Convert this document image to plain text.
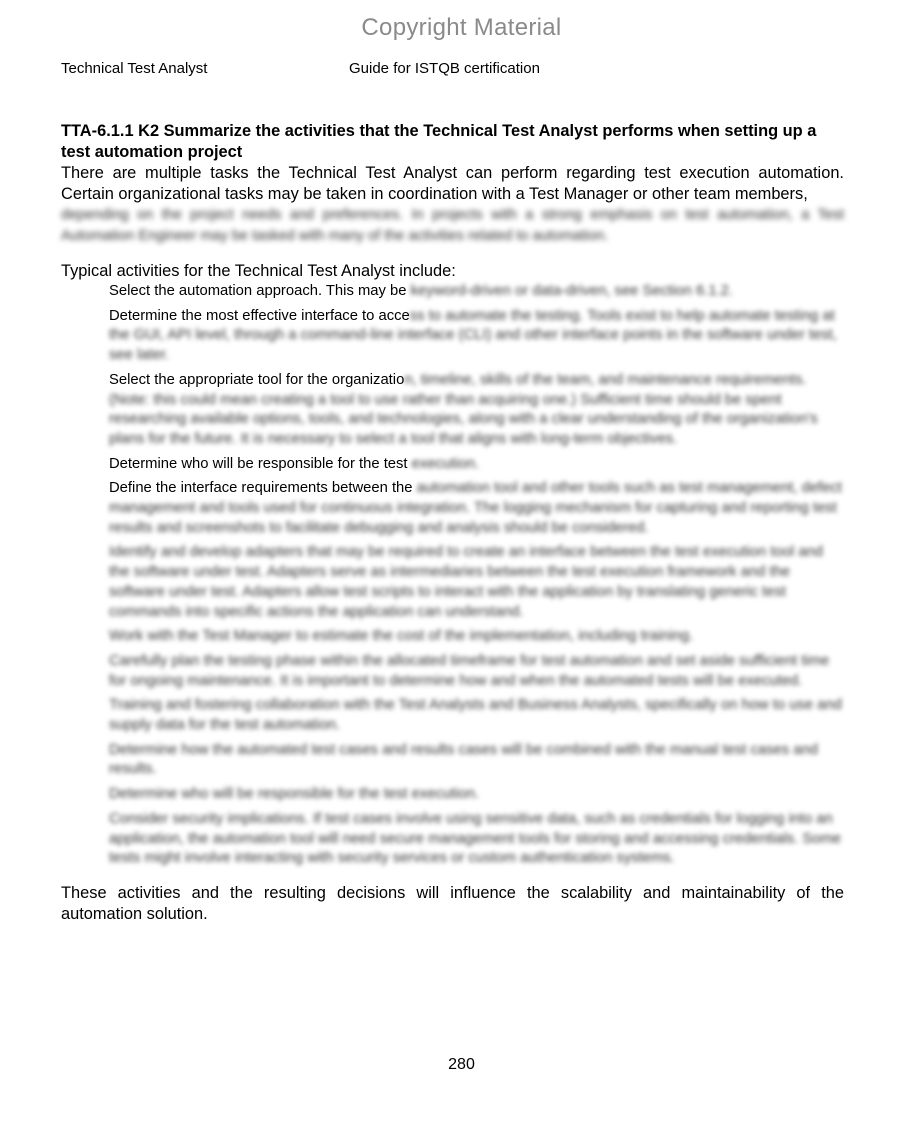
Copyright Material
Technical Test Analyst	Guide for ISTQB certification

TTA-6.1.1 K2 Summarize the activities that the Technical Test Analyst performs when setting up a test automation project

There are multiple tasks the Technical Test Analyst can perform regarding test execution automation. Certain organizational tasks may be taken in coordination with a Test Manager or other team members,

depending on the project needs and preferences. In projects with a strong emphasis on test automation, a Test Automation Engineer may be tasked with many of the activities related to automation.

Typical activities for the Technical Test Analyst include:

Select the automation approach. This may be keyword-driven or data-driven, see Section 6.1.2.
Determine the most effective interface to access to automate the testing. Tools exist to help automate testing at the GUI, API level, through a command-line interface (CLI) and other interface points in the software under test, see later.
Select the appropriate tool for the organization, timeline, skills of the team, and maintenance requirements. (Note: this could mean creating a tool to use rather than acquiring one.) Sufficient time should be spent researching available options, tools, and technologies, along with a clear understanding of the organization's plans for the future. It is necessary to select a tool that aligns with long-term objectives.
Determine who will be responsible for the test execution.
Define the interface requirements between the automation tool and other tools such as test management, defect management and tools used for continuous integration. The logging mechanism for capturing and reporting test results and screenshots to facilitate debugging and analysis should be considered.
Identify and develop adapters that may be required to create an interface between the test execution tool and the software under test. Adapters serve as intermediaries between the test execution framework and the software under test. Adapters allow test scripts to interact with the application by translating generic test commands into specific actions the application can understand.
Work with the Test Manager to estimate the cost of the implementation, including training.
Carefully plan the testing phase within the allocated timeframe for test automation and set aside sufficient time for ongoing maintenance. It is important to determine how and when the automated tests will be executed.
Training and fostering collaboration with the Test Analysts and Business Analysts, specifically on how to use and supply data for the test automation.
Determine how the automated test cases and results cases will be combined with the manual test cases and results.
Determine who will be responsible for the test execution.
Consider security implications. If test cases involve using sensitive data, such as credentials for logging into an application, the automation tool will need secure management tools for storing and accessing credentials. Some tests might involve interacting with security services or custom authentication systems.

These activities and the resulting decisions will influence the scalability and maintainability of the automation solution.

280
